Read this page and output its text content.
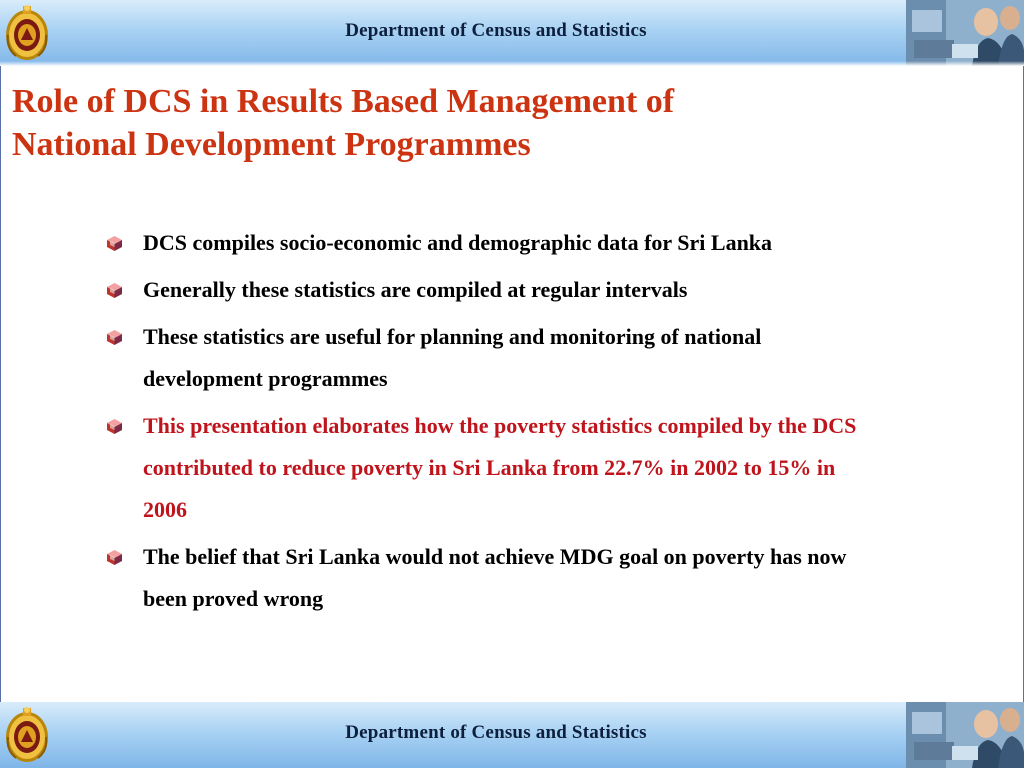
Department of Census and Statistics
Role of DCS in Results Based Management of
National Development Programmes
DCS compiles socio-economic and demographic data for Sri Lanka
Generally these statistics are compiled at regular intervals
These statistics are useful for planning and monitoring of national development programmes
This presentation elaborates how the poverty statistics compiled by the DCS contributed to reduce poverty in Sri Lanka from 22.7% in 2002 to 15% in 2006
The belief that Sri Lanka would not achieve MDG goal on poverty has now been proved wrong
Department of Census and Statistics
